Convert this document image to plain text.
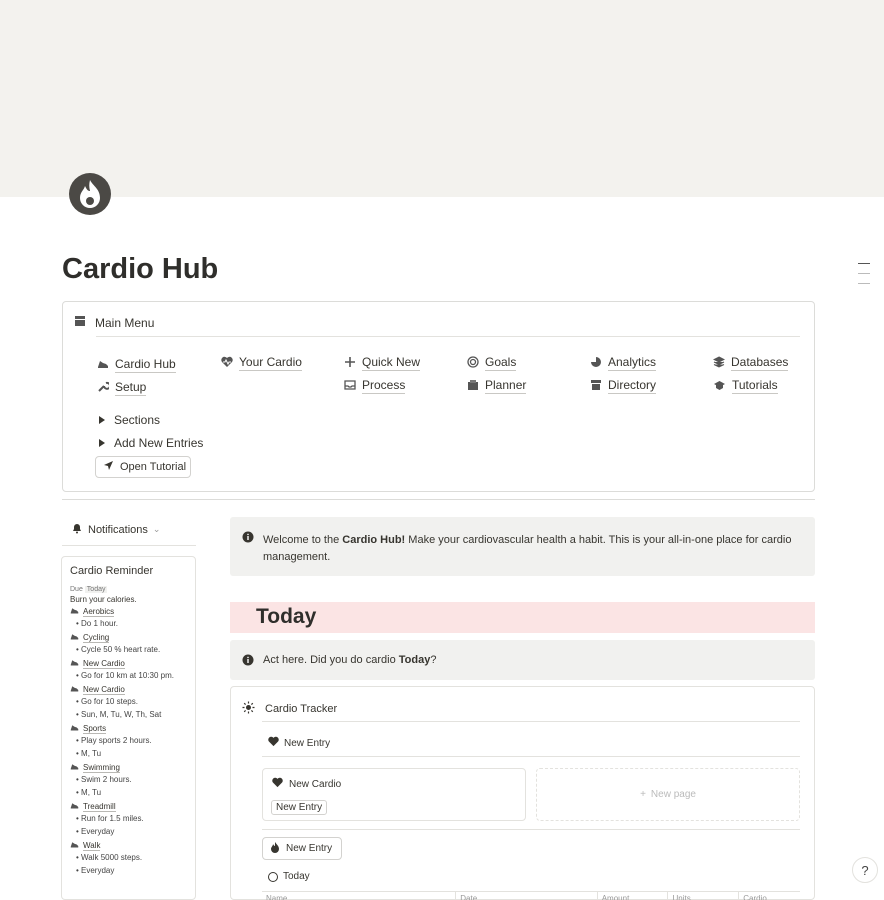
Cardio Hub
Main Menu
Cardio Hub
Setup
Your Cardio	Quick New
Process
Goals
Planner
Analytics
Directory
Databases
Tutorials
Sections
Add New Entries
Open Tutorial
Notifications ⌄
Cardio Reminder
Due Today
Burn your calories.
Aerobics
• Do 1 hour.
Cycling
• Cycle 50 % heart rate.
New Cardio
• Go for 10 km at 10:30 pm.
New Cardio
• Go for 10 steps.
• Sun, M, Tu, W, Th, Sat
Sports
• Play sports 2 hours.
• M, Tu
Swimming
• Swim 2 hours.
• M, Tu
Treadmill
• Run for 1.5 miles.
• Everyday
Walk
• Walk 5000 steps.
• Everyday
Welcome to the Cardio Hub! Make your cardiovascular health a habit. This is your all-in-one place for cardio management.
Today
Act here. Did you do cardio Today?
Cardio Tracker
New Entry
New Cardio
New Entry
+ New page
New Entry
Today
Name	Date	Amount	Units	Cardio
?
